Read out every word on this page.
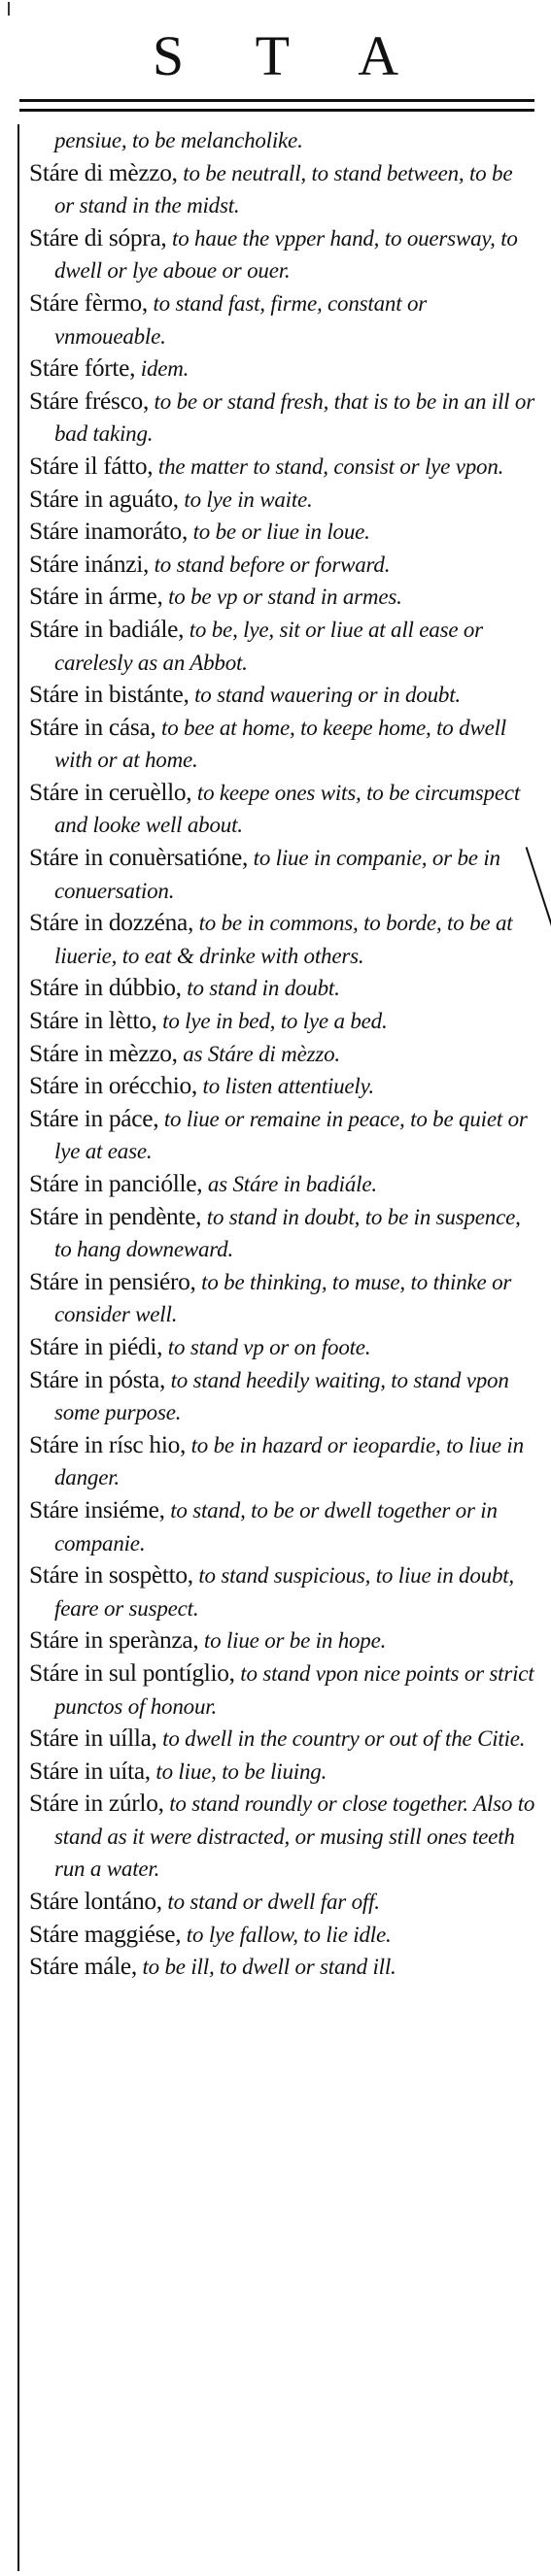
S T A
pensiue, to be melancholike.
Stáre di mèzzo, to be neutrall, to stand between, to be or stand in the midst.
Stáre di sópra, to haue the vpper hand, to ouersway, to dwell or lye aboue or ouer.
Stáre fèrmo, to stand fast, firme, constant or vnmoueable.
Stáre fórte, idem.
Stáre frésco, to be or stand fresh, that is to be in an ill or bad taking.
Stáre il fátto, the matter to stand, consist or lye vpon.
Stáre in aguáto, to lye in waite.
Stáre inamoráto, to be or liue in loue.
Stáre inánzi, to stand before or forward.
Stáre in árme, to be vp or stand in armes.
Stáre in badiále, to be, lye, sit or liue at all ease or carelesly as an Abbot.
Stáre in bistánte, to stand wauering or in doubt.
Stáre in cása, to bee at home, to keepe home, to dwell with or at home.
Stáre in ceruèllo, to keepe ones wits, to be circumspect and looke well about.
Stáre in conuèrsatióne, to liue in companie, or be in conuersation.
Stáre in dozzéna, to be in commons, to borde, to be at liuerie, to eat & drinke with others.
Stáre in dúbbio, to stand in doubt.
Stáre in lètto, to lye in bed, to lye a bed.
Stáre in mèzzo, as Stáre di mèzzo.
Stáre in orécchio, to listen attentiuely.
Stáre in páce, to liue or remaine in peace, to be quiet or lye at ease.
Stáre in panciólle, as Stáre in badiále.
Stáre in pendènte, to stand in doubt, to be in suspence, to hang downeward.
Stáre in pensiéro, to be thinking, to muse, to thinke or consider well.
Stáre in piédi, to stand vp or on foote.
Stáre in pósta, to stand heedily waiting, to stand vpon some purpose.
Stáre in rísc hio, to be in hazard or ieopardie, to liue in danger.
Stáre insiéme, to stand, to be or dwell together or in companie.
Stáre in sospètto, to stand suspicious, to liue in doubt, feare or suspect.
Stáre in sperànza, to liue or be in hope.
Stáre in sul pontíglio, to stand vpon nice points or strict punctos of honour.
Stáre in uílla, to dwell in the country or out of the Citie.
Stáre in uíta, to liue, to be liuing.
Stáre in zúrlo, to stand roundly or close together. Also to stand as it were distracted, or musing still ones teeth run a water.
Stáre lontáno, to stand or dwell far off.
Stáre maggiése, to lye fallow, to lie idle.
Stáre mále, to be ill, to dwell or stand ill.
